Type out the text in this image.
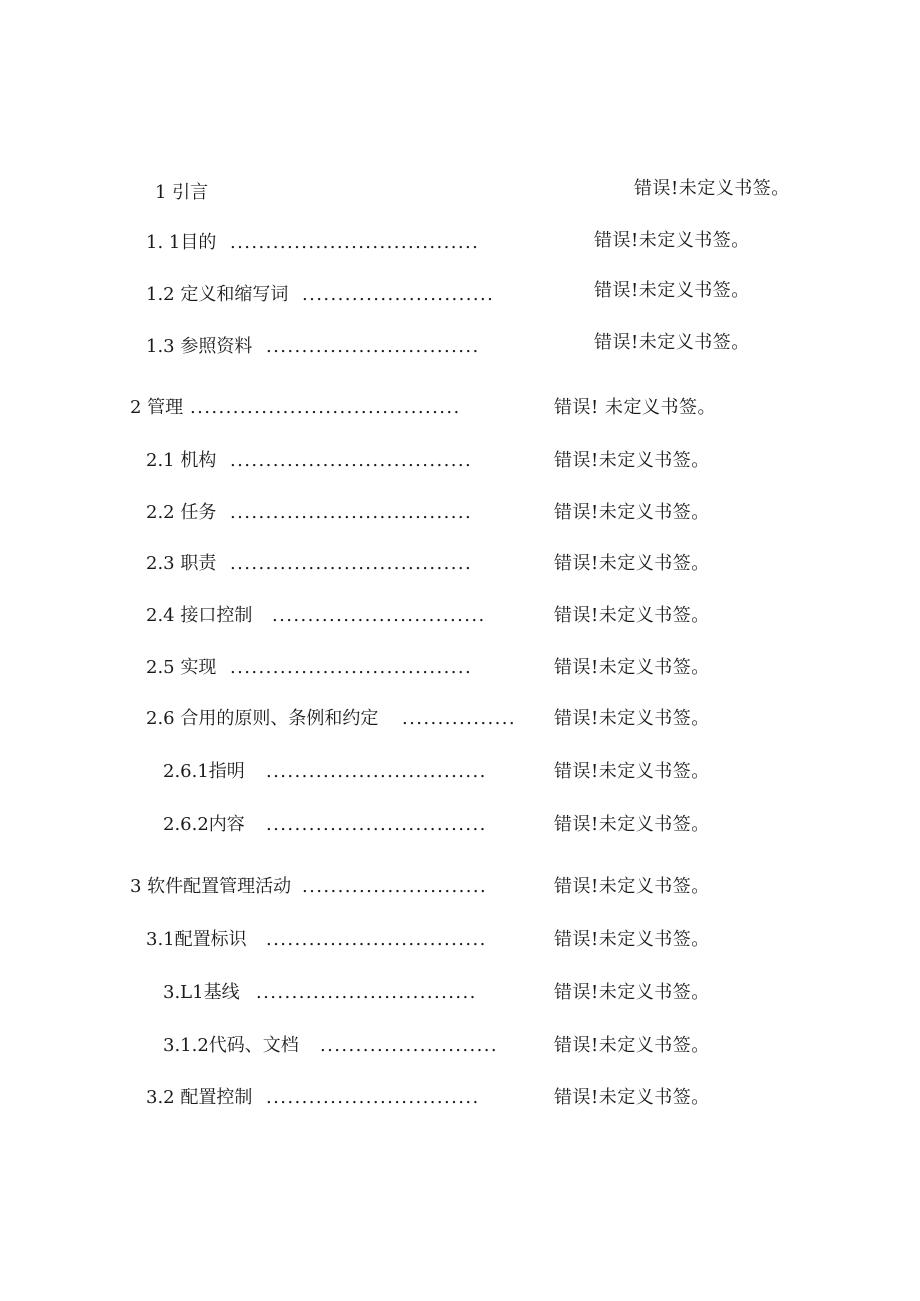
1 引言	错误!未定义书签。
1. 1目的 ...................................	错误!未定义书签。
1.2 定义和缩写词 ...........................	错误!未定义书签。
1.3 参照资料 ..............................	错误!未定义书签。
2 管理 ......................................	错误! 未定义书签。
2.1 机构 ..................................	错误!未定义书签。
2.2 任务 ..................................	错误!未定义书签。
2.3 职责 ..................................	错误!未定义书签。
2.4 接口控制 ..............................	错误!未定义书签。
2.5 实现 ..................................	错误!未定义书签。
2.6 合用的原则、条例和约定 ................	错误!未定义书签。
2.6.1指明 ...............................	错误!未定义书签。
2.6.2内容 ...............................	错误!未定义书签。
3 软件配置管理活动 ..........................	错误!未定义书签。
3.1配置标识 ...............................	错误!未定义书签。
3.L1基线 ...............................	错误!未定义书签。
3.1.2代码、文档 .........................	错误!未定义书签。
3.2 配置控制 ..............................	错误!未定义书签。
